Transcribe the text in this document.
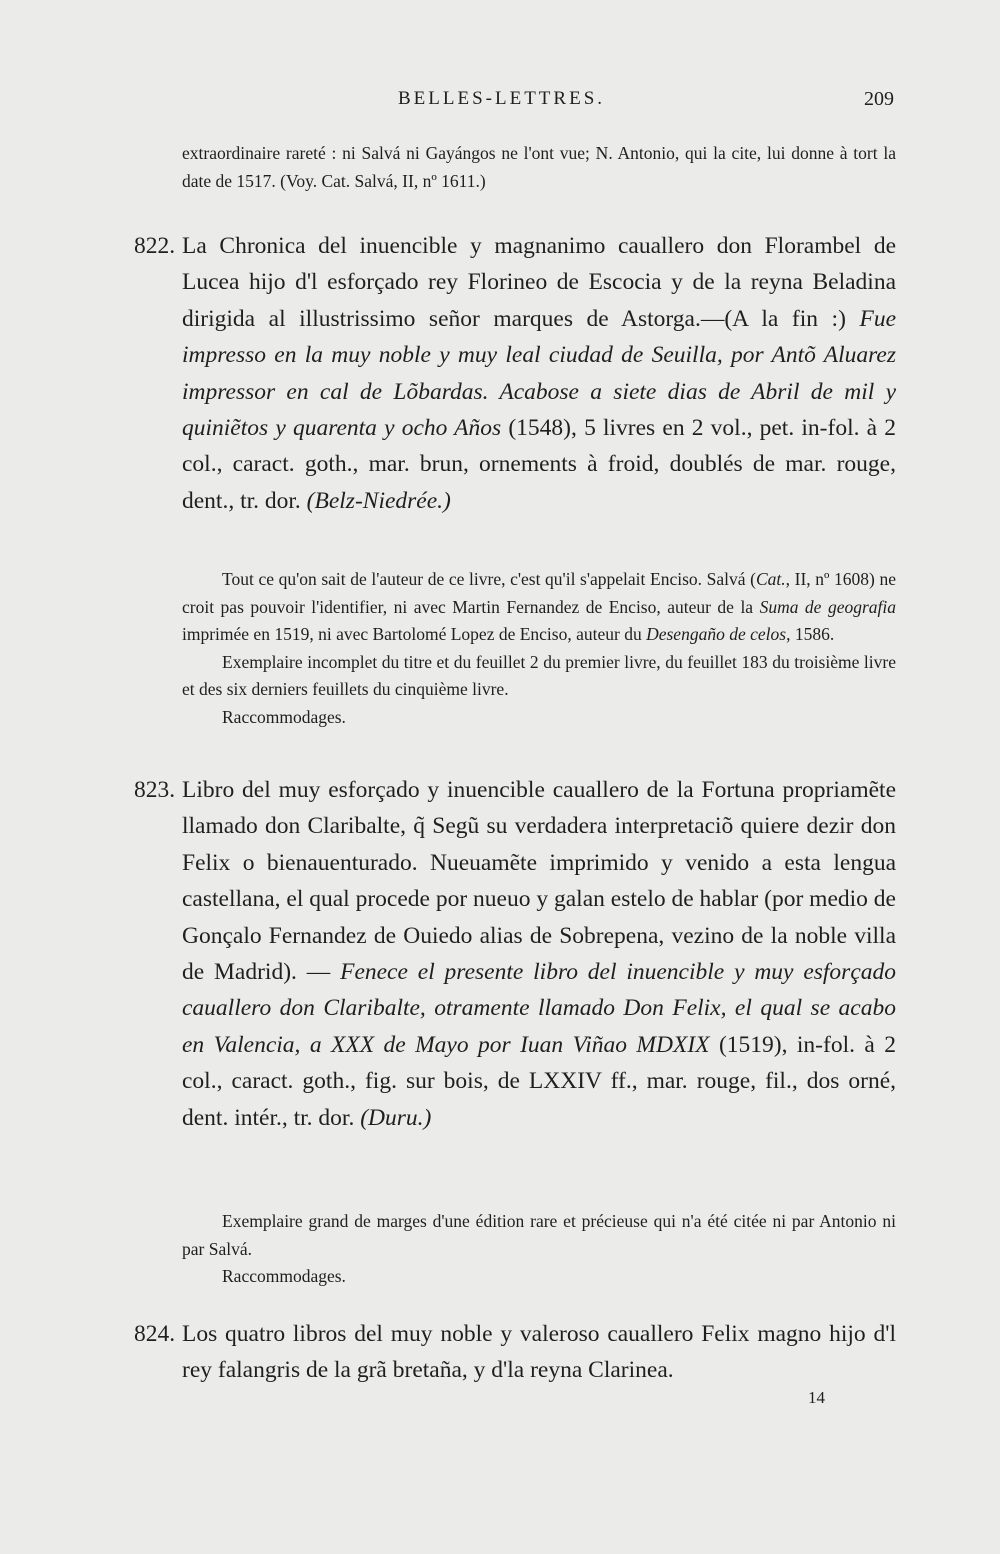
BELLES-LETTRES.	209

extraordinaire rareté : ni Salvá ni Gayángos ne l'ont vue; N. Antonio, qui la cite, lui donne à tort la date de 1517. (Voy. Cat. Salvá, II, nº 1611.)

822. La Chronica del inuencible y magnanimo cauallero don Florambel de Lucea hijo d'l esforçado rey Florineo de Escocia y de la reyna Beladina dirigida al illustrissimo señor marques de Astorga.—(A la fin :) Fue impresso en la muy noble y muy leal ciudad de Seuilla, por Antõ Aluarez impressor en cal de Lõbardas. Acabose a siete dias de Abril de mil y quiniẽtos y quarenta y ocho Años (1548), 5 livres en 2 vol., pet. in-fol. à 2 col., caract. goth., mar. brun, ornements à froid, doublés de mar. rouge, dent., tr. dor. (Belz-Niedrée.)

Tout ce qu'on sait de l'auteur de ce livre, c'est qu'il s'appelait Enciso. Salvá (Cat., II, nº 1608) ne croit pas pouvoir l'identifier, ni avec Martin Fernandez de Enciso, auteur de la Suma de geografia imprimée en 1519, ni avec Bartolomé Lopez de Enciso, auteur du Desengaño de celos, 1586.

Exemplaire incomplet du titre et du feuillet 2 du premier livre, du feuillet 183 du troisième livre et des six derniers feuillets du cinquième livre.

Raccommodages.

823. Libro del muy esforçado y inuencible cauallero de la Fortuna propriamẽte llamado don Claribalte, q̃ Segũ su verdadera interpretaciõ quiere dezir don Felix o bienauenturado. Nueuamẽte imprimido y venido a esta lengua castellana, el qual procede por nueuo y galan estelo de hablar (por medio de Gonçalo Fernandez de Ouiedo alias de Sobrepena, vezino de la noble villa de Madrid). — Fenece el presente libro del inuencible y muy esforçado cauallero don Claribalte, otramente llamado Don Felix, el qual se acabo en Valencia, a XXX de Mayo por Iuan Viñao MDXIX (1519), in-fol. à 2 col., caract. goth., fig. sur bois, de LXXIV ff., mar. rouge, fil., dos orné, dent. intér., tr. dor. (Duru.)

Exemplaire grand de marges d'une édition rare et précieuse qui n'a été citée ni par Antonio ni par Salvá.

Raccommodages.

824. Los quatro libros del muy noble y valeroso cauallero Felix magno hijo d'l rey falangris de la grã bretaña, y d'la reyna Clarinea.

14
